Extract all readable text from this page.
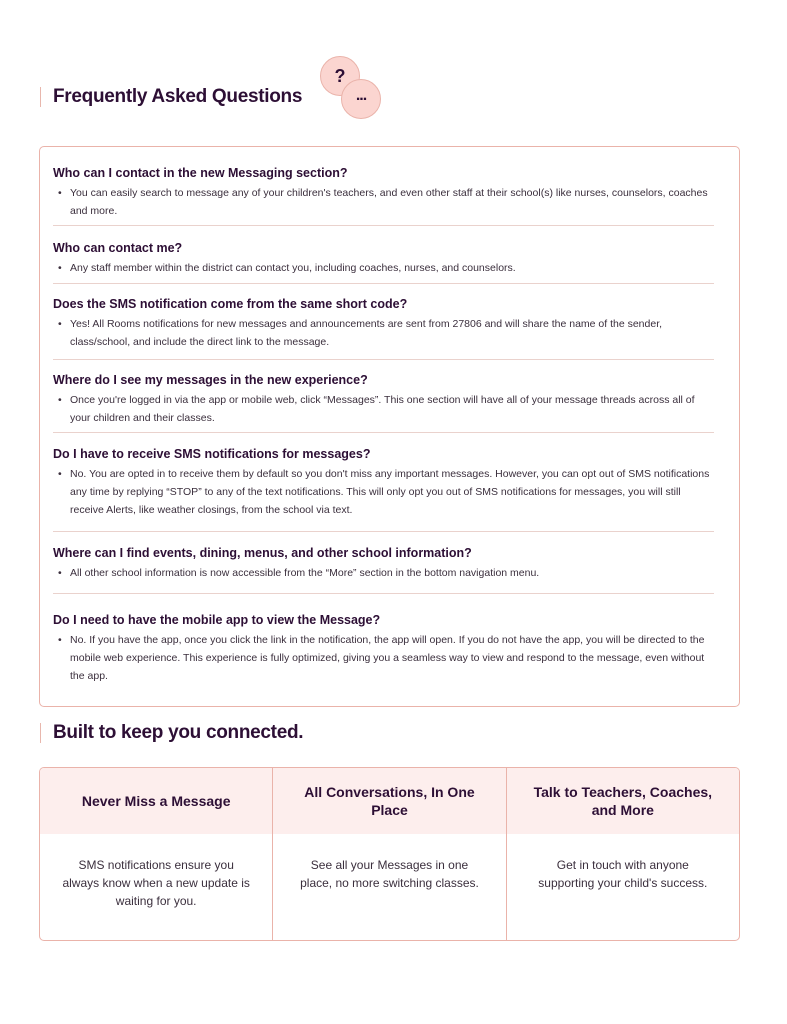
Frequently Asked Questions
?
...
Who can I contact in the new Messaging section?
• You can easily search to message any of your children's teachers, and even other staff at their school(s) like nurses, counselors, coaches and more.
Who can contact me?
• Any staff member within the district can contact you, including coaches, nurses, and counselors.
Does the SMS notification come from the same short code?
• Yes! All Rooms notifications for new messages and announcements are sent from 27806 and will share the name of the sender, class/school, and include the direct link to the message.
Where do I see my messages in the new experience?
• Once you're logged in via the app or mobile web, click “Messages”. This one section will have all of your message threads across all of your children and their classes.
Do I have to receive SMS notifications for messages?
• No. You are opted in to receive them by default so you don't miss any important messages. However, you can opt out of SMS notifications any time by replying “STOP” to any of the text notifications. This will only opt you out of SMS notifications for messages, you will still receive Alerts, like weather closings, from the school via text.
Where can I find events, dining, menus, and other school information?
• All other school information is now accessible from the “More” section in the bottom navigation menu.
Do I need to have the mobile app to view the Message?
• No. If you have the app, once you click the link in the notification, the app will open. If you do not have the app, you will be directed to the mobile web experience. This experience is fully optimized, giving you a seamless way to view and respond to the message, even without the app.
Built to keep you connected.
Never Miss a Message
SMS notifications ensure you always know when a new update is waiting for you.
All Conversations, In One Place
See all your Messages in one place, no more switching classes.
Talk to Teachers, Coaches, and More
Get in touch with anyone supporting your child's success.
